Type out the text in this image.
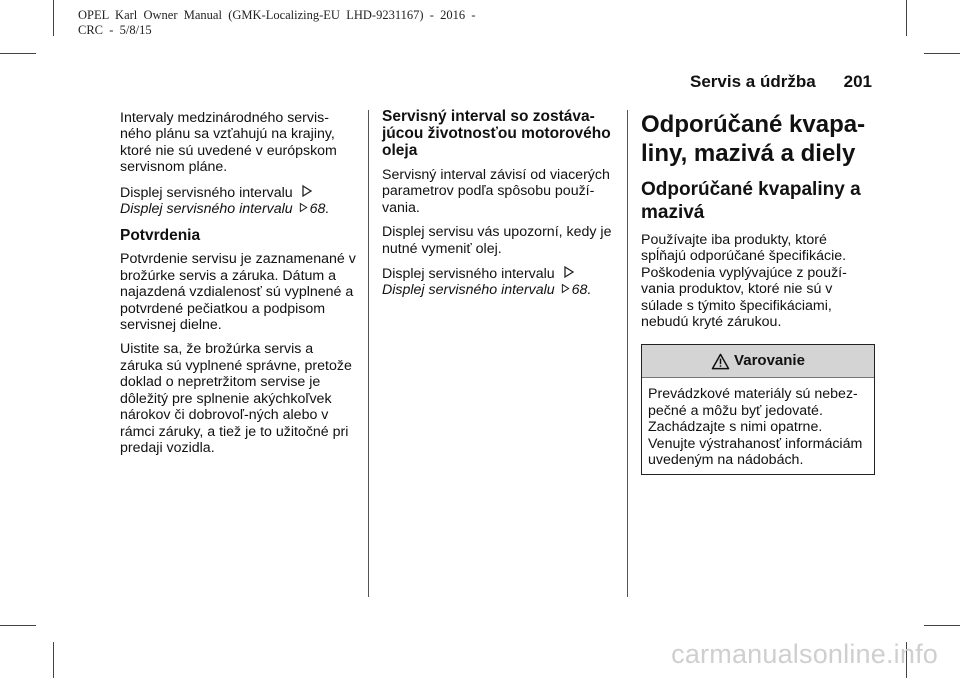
OPEL  Karl  Owner  Manual  (GMK-Localizing-EU  LHD-9231167)  -  2016  -
CRC  -  5/8/15
Servis a údržba 201

Intervaly medzinárodného servis-ného plánu sa vzťahujú na krajiny, ktoré nie sú uvedené v európskom servisnom pláne.

Displej servisného intervalu

Displej servisného intervalu 68.

Potvrdenia

Potvrdenie servisu je zaznamenané v brožúrke servis a záruka. Dátum a najazdená vzdialenosť sú vyplnené a potvrdené pečiatkou a podpisom servisnej dielne.

Uistite sa, že brožúrka servis a záruka sú vyplnené správne, pretože doklad o nepretržitom servise je dôležitý pre splnenie akýchkoľvek nárokov či dobrovoľ-ných alebo v rámci záruky, a tiež je to užitočné pri predaji vozidla.

Servisný interval so zostáva-júcou životnosťou motorového oleja

Servisný interval závisí od viacerých parametrov podľa spôsobu použí-vania.

Displej servisu vás upozorní, kedy je nutné vymeniť olej.

Displej servisného intervalu

Displej servisného intervalu 68.

Odporúčané kvapa-liny, mazivá a diely
Odporúčané kvapaliny a mazivá

Používajte iba produkty, ktoré spĺňajú odporúčané špecifikácie. Poškodenia vyplývajúce z použí-vania produktov, ktoré nie sú v súlade s týmito špecifikáciami, nebudú kryté zárukou.

Varovanie
Prevádzkové materiály sú nebez-pečné a môžu byť jedovaté. Zachádzajte s nimi opatrne. Venujte výstrahanosť informáciám uvedeným na nádobách.
carmanualsonline.info
